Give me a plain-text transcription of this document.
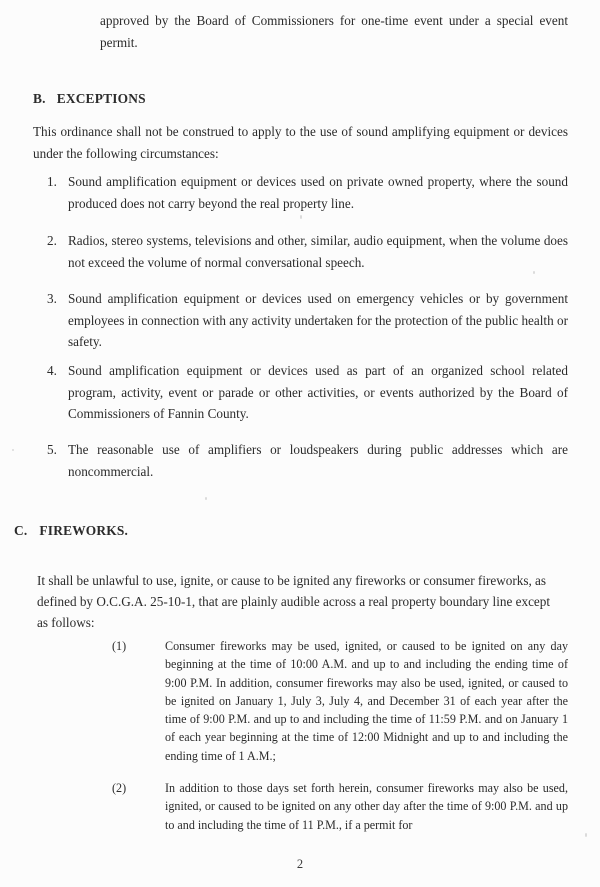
approved by the Board of Commissioners for one-time event under a special event permit.
B. EXCEPTIONS
This ordinance shall not be construed to apply to the use of sound amplifying equipment or devices under the following circumstances:
1. Sound amplification equipment or devices used on private owned property, where the sound produced does not carry beyond the real property line.
2. Radios, stereo systems, televisions and other, similar, audio equipment, when the volume does not exceed the volume of normal conversational speech.
3. Sound amplification equipment or devices used on emergency vehicles or by government employees in connection with any activity undertaken for the protection of the public health or safety.
4. Sound amplification equipment or devices used as part of an organized school related program, activity, event or parade or other activities, or events authorized by the Board of Commissioners of Fannin County.
5. The reasonable use of amplifiers or loudspeakers during public addresses which are noncommercial.
C. FIREWORKS.
It shall be unlawful to use, ignite, or cause to be ignited any fireworks or consumer fireworks, as defined by O.C.G.A. 25-10-1, that are plainly audible across a real property boundary line except as follows:
(1)	Consumer fireworks may be used, ignited, or caused to be ignited on any day beginning at the time of 10:00 A.M. and up to and including the ending time of 9:00 P.M. In addition, consumer fireworks may also be used, ignited, or caused to be ignited on January 1, July 3, July 4, and December 31 of each year after the time of 9:00 P.M. and up to and including the time of 11:59 P.M. and on January 1 of each year beginning at the time of 12:00 Midnight and up to and including the ending time of 1 A.M.;
(2)	In addition to those days set forth herein, consumer fireworks may also be used, ignited, or caused to be ignited on any other day after the time of 9:00 P.M. and up to and including the time of 11 P.M., if a permit for
2
